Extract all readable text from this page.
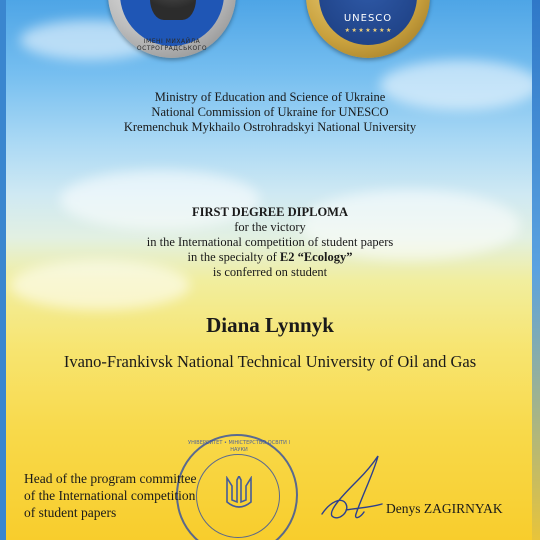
ІМЕНІ МИХАЙЛА ОСТРОГРАДСЬКОГО
UNESCO
★ ★ ★ ★ ★ ★ ★
Ministry of Education and Science of Ukraine
National Commission of Ukraine for UNESCO
Kremenchuk Mykhailo Ostrohradskyi National University
FIRST DEGREE DIPLOMA
for the victory
in the International competition of student papers
in the specialty of E2 “Ecology”
is conferred on student
Diana Lynnyk
Ivano-Frankivsk National Technical University of Oil and Gas
УНІВЕРСИТЕТ • МІНІСТЕРСТВО ОСВІТИ І НАУКИ
Head of the program committee
of the International competition
of student papers	Denys ZAGIRNYAK
